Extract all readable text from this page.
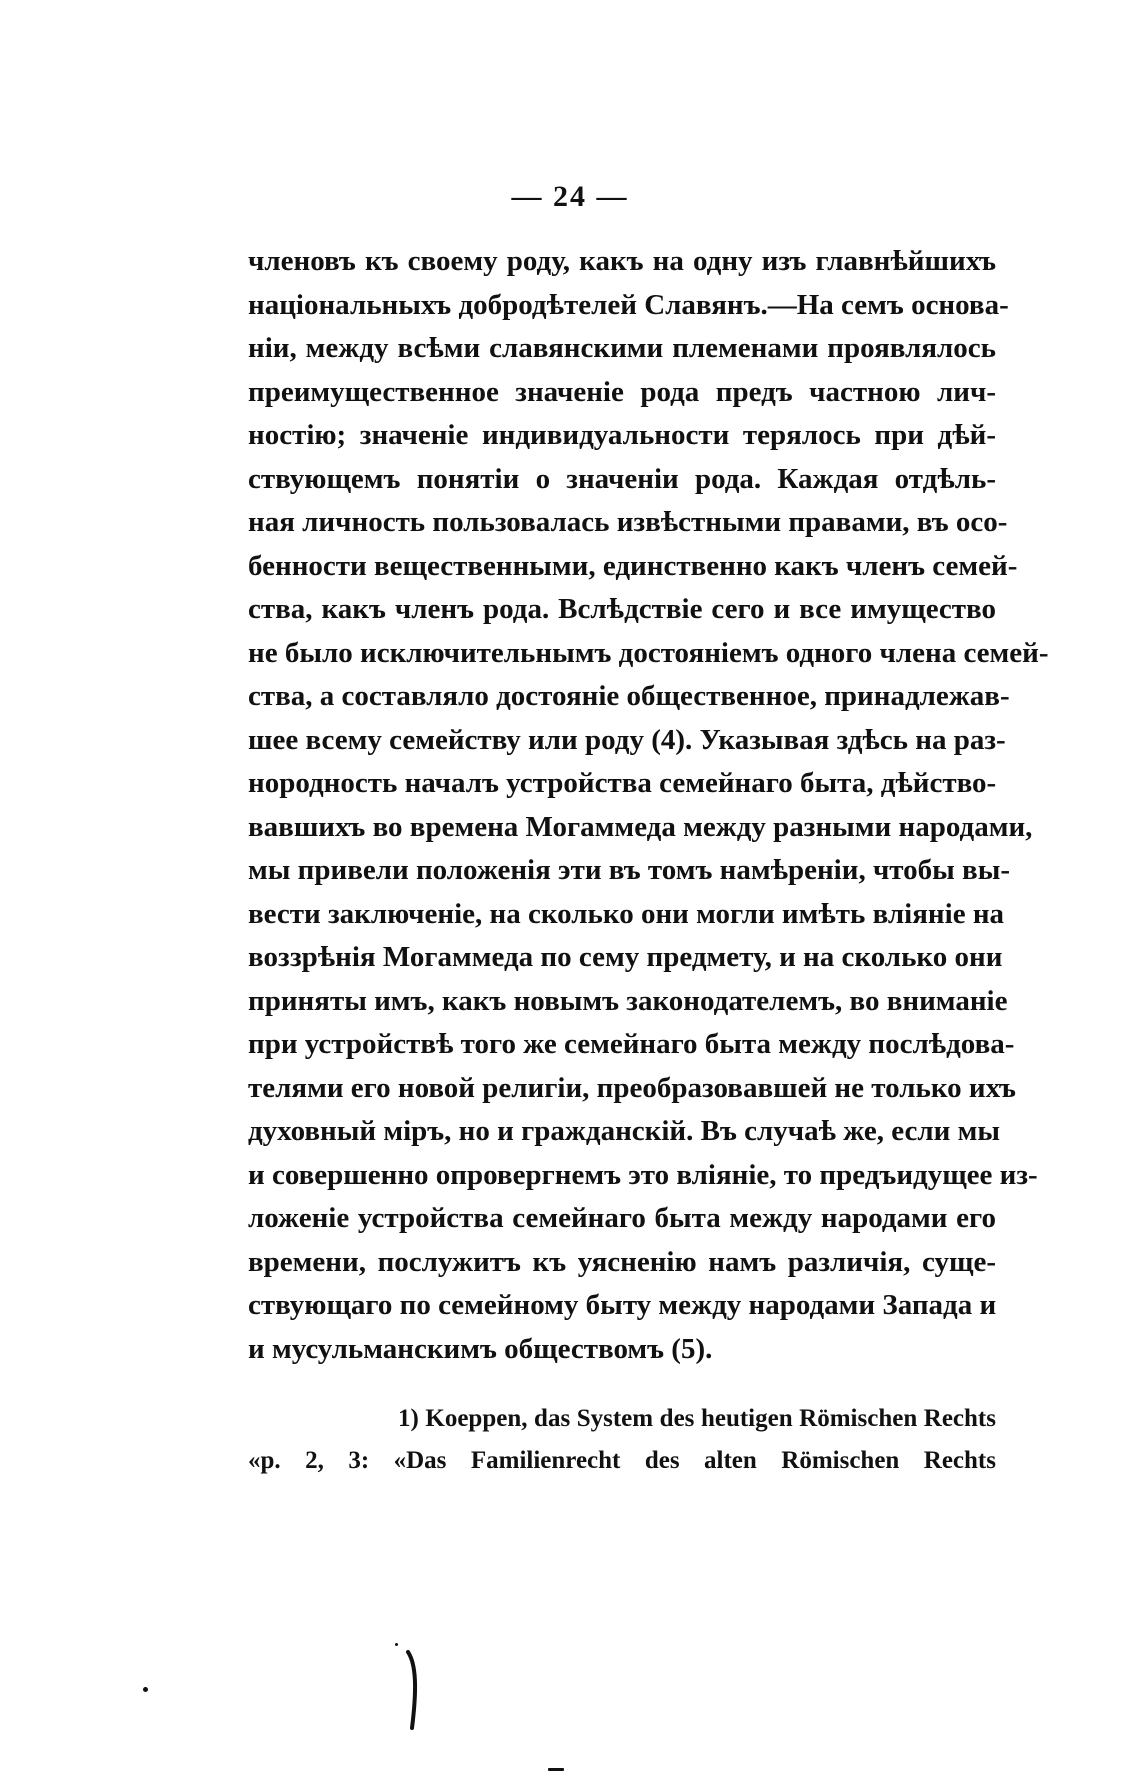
— 24 —
членовъ къ своему роду, какъ на одну изъ главнѣйшихъ
національныхъ добродѣтелей Славянъ.—На семъ основа-
ніи, между всѣми славянскими племенами проявлялось
преимущественное значеніе рода предъ частною лич-
ностію; значеніе индивидуальности терялось при дѣй-
ствующемъ понятіи о значеніи рода. Каждая отдѣль-
ная личность пользовалась извѣстными правами, въ осо-
бенности вещественными, единственно какъ членъ семей-
ства, какъ членъ рода. Вслѣдствіе сего и все имущество
не было исключительнымъ достояніемъ одного члена семей-
ства, а составляло достояніе общественное, принадлежав-
шее всему семейству или роду (4). Указывая здѣсь на раз-
нородность началъ устройства семейнаго быта, дѣйство-
вавшихъ во времена Могаммеда между разными народами,
мы привели положенія эти въ томъ намѣреніи, чтобы вы-
вести заключеніе, на сколько они могли имѣть вліяніе на
воззрѣнія Могаммеда по сему предмету, и на сколько они
приняты имъ, какъ новымъ законодателемъ, во вниманіе
при устройствѣ того же семейнаго быта между послѣдова-
телями его новой религіи, преобразовавшей не только ихъ
духовный міръ, но и гражданскій. Въ случаѣ же, если мы
и совершенно опровергнемъ это вліяніе, то предъидущее из-
ложеніе устройства семейнаго быта между народами его
времени, послужитъ къ уясненію намъ различія, суще-
ствующаго по семейному быту между народами Запада и
и мусульманскимъ обществомъ (5).
1) Koeppen, das System des heutigen Römischen Rechts
«p. 2, 3: «Das Familienrecht des alten Römischen Rechts
